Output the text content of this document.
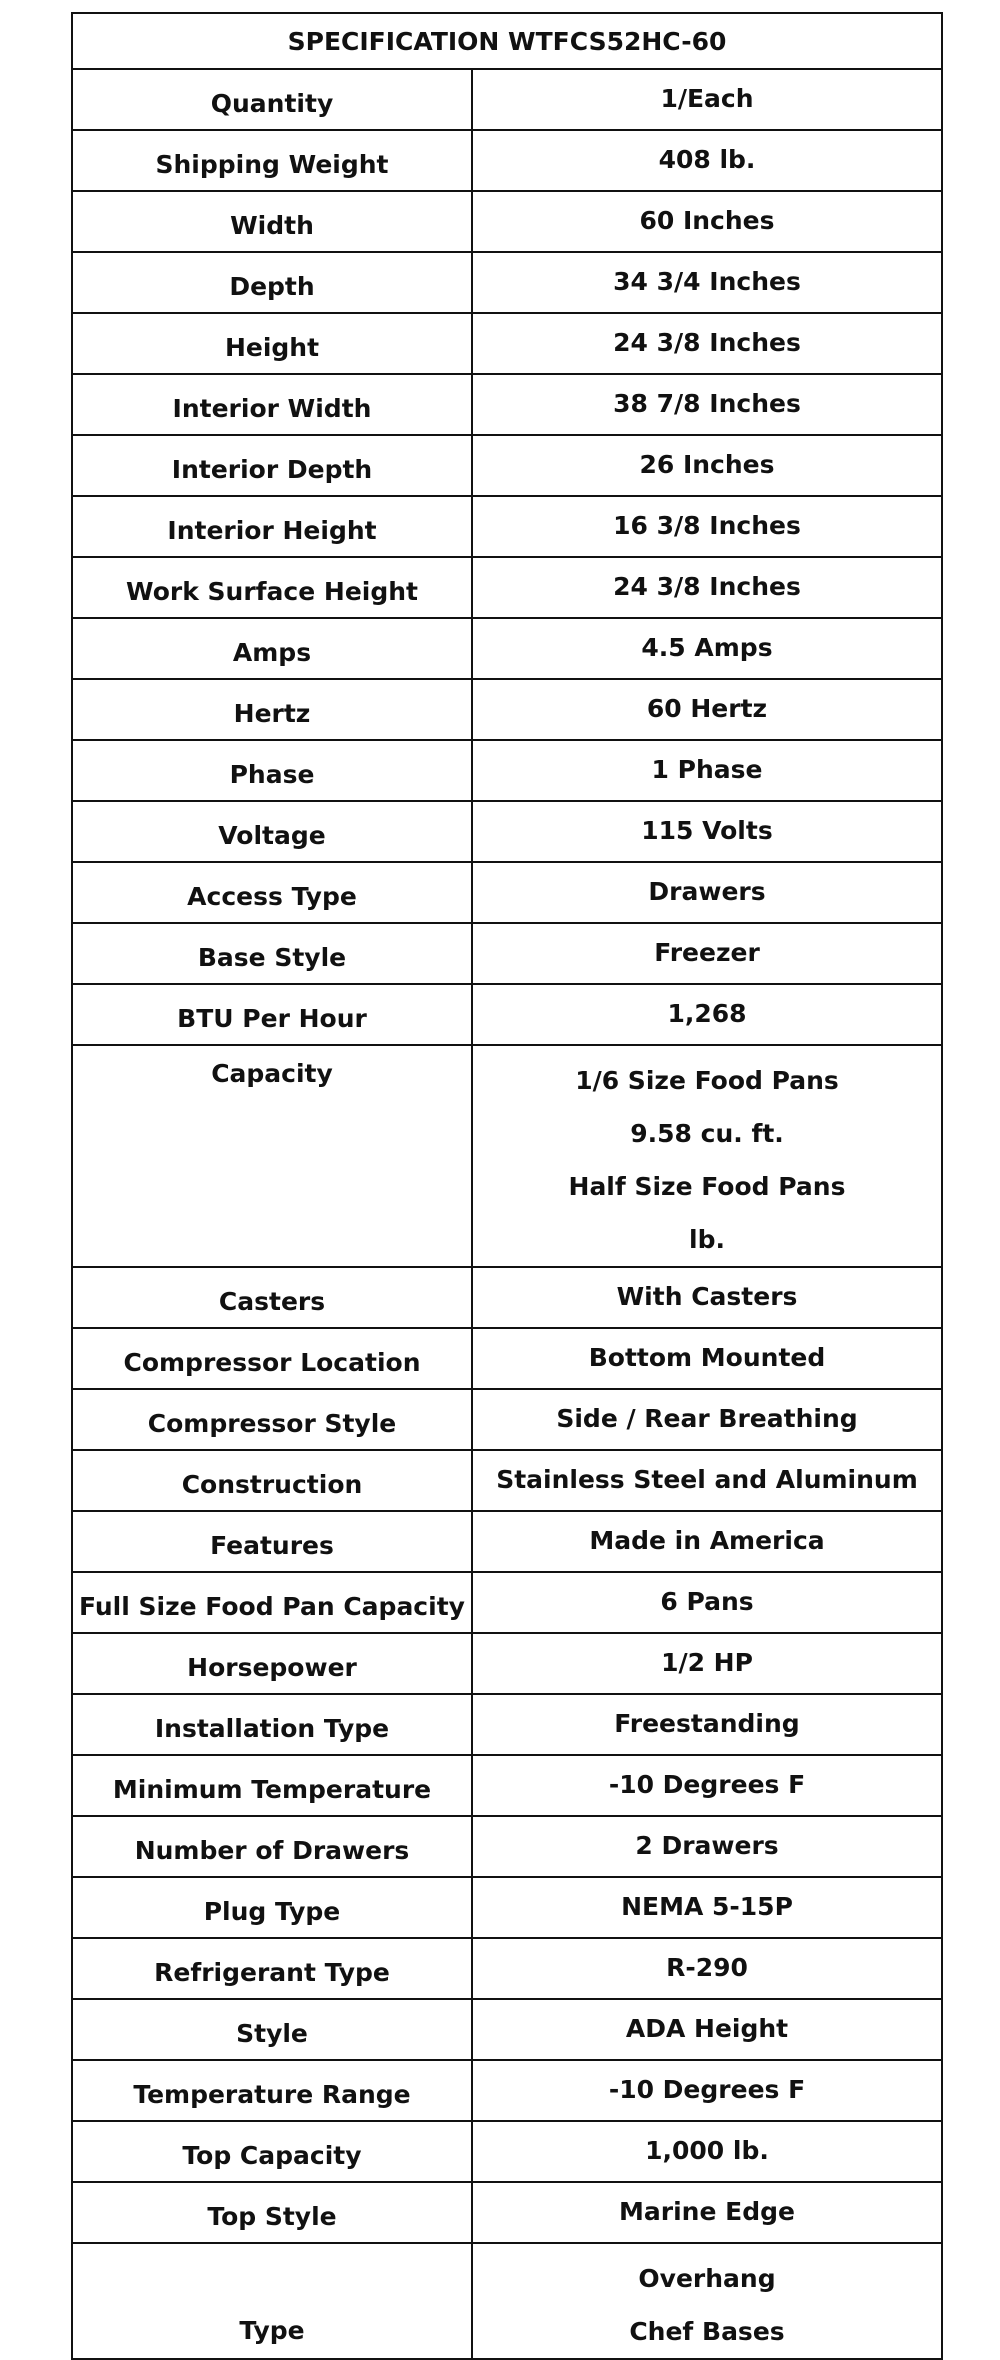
SPECIFICATION WTFCS52HC-60	
Quantity	1/Each
Shipping Weight	408 lb.
Width	60 Inches
Depth	34 3/4 Inches
Height	24 3/8 Inches
Interior Width	38 7/8 Inches
Interior Depth	26 Inches
Interior Height	16 3/8 Inches
Work Surface Height	24 3/8 Inches
Amps	4.5 Amps
Hertz	60 Hertz
Phase	1 Phase
Voltage	115 Volts
Access Type	Drawers
Base Style	Freezer
BTU Per Hour	1,268
Capacity	1/6 Size Food Pans
9.58 cu. ft.
Half Size Food Pans
lb.

Casters	With Casters
Compressor Location	Bottom Mounted
Compressor Style	Side / Rear Breathing
Construction	Stainless Steel and Aluminum
Features	Made in America
Full Size Food Pan Capacity	6 Pans
Horsepower	1/2 HP
Installation Type	Freestanding
Minimum Temperature	-10 Degrees F
Number of Drawers	2 Drawers
Plug Type	NEMA 5-15P
Refrigerant Type	R-290
Style	ADA Height
Temperature Range	-10 Degrees F
Top Capacity	1,000 lb.
Top Style	Marine Edge
Type	Overhang
Chef Bases
